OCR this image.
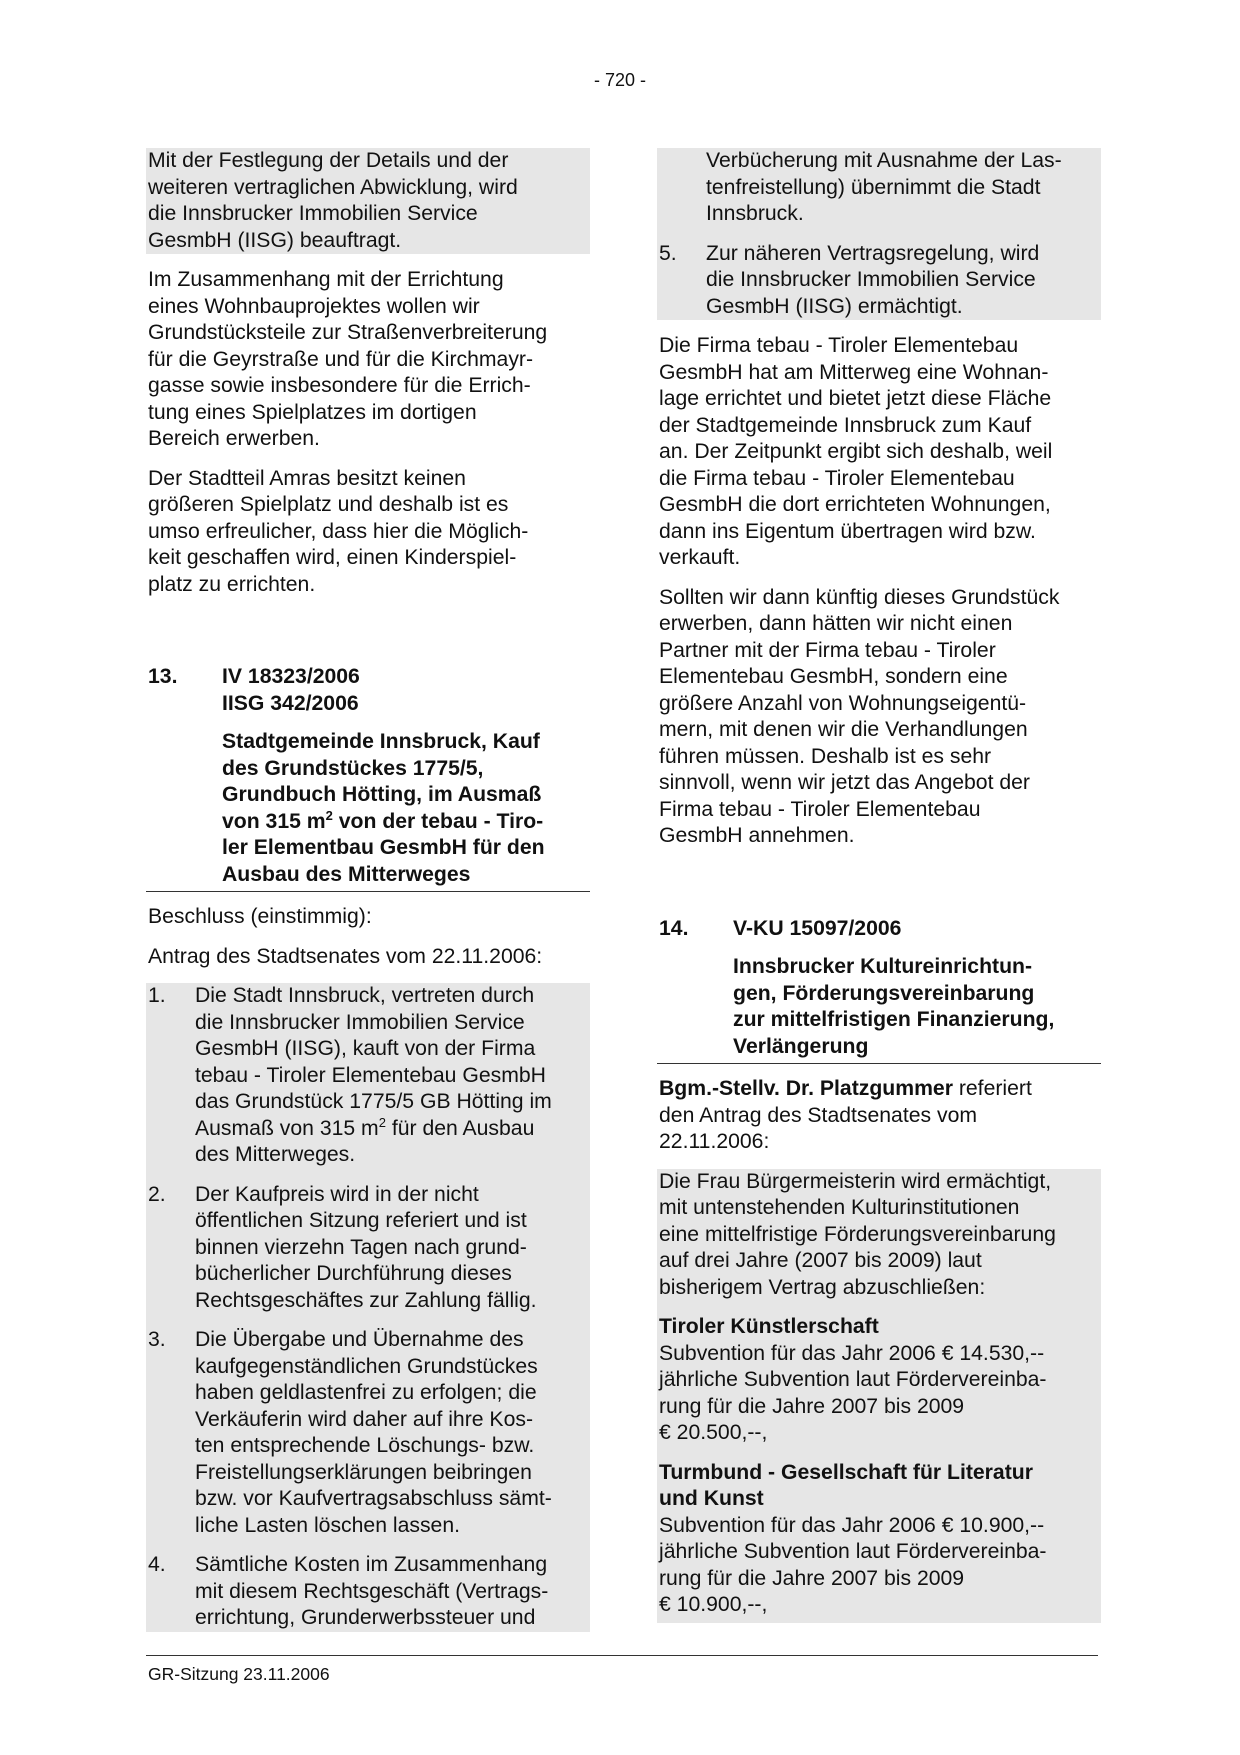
- 720 -
Mit der Festlegung der Details und der
weiteren vertraglichen Abwicklung, wird
die Innsbrucker Immobilien Service
GesmbH (IISG) beauftragt.
Im Zusammenhang mit der Errichtung
eines Wohnbauprojektes wollen wir
Grundstücksteile zur Straßenverbreiterung
für die Geyrstraße und für die Kirchmayr-
gasse sowie insbesondere für die Errich-
tung eines Spielplatzes im dortigen
Bereich erwerben.
Der Stadtteil Amras besitzt keinen
größeren Spielplatz und deshalb ist es
umso erfreulicher, dass hier die Möglich-
keit geschaffen wird, einen Kinderspiel-
platz zu errichten.
13.	IV 18323/2006
IISG 342/2006
Stadtgemeinde Innsbruck, Kauf
des Grundstückes 1775/5,
Grundbuch Hötting, im Ausmaß
von 315 $m^2$ von der tebau - Tiro-
ler Elementbau GesmbH für den
Ausbau des Mitterweges
Beschluss (einstimmig):
Antrag des Stadtsenates vom 22.11.2006:
1.	Die Stadt Innsbruck, vertreten durch
die Innsbrucker Immobilien Service
GesmbH (IISG), kauft von der Firma
tebau - Tiroler Elementebau GesmbH
das Grundstück 1775/5 GB Hötting im
Ausmaß von 315 $m^2$ für den Ausbau
des Mitterweges.
2.	Der Kaufpreis wird in der nicht
öffentlichen Sitzung referiert und ist
binnen vierzehn Tagen nach grund-
bücherlicher Durchführung dieses
Rechtsgeschäftes zur Zahlung fällig.
3.	Die Übergabe und Übernahme des
kaufgegenständlichen Grundstückes
haben geldlastenfrei zu erfolgen; die
Verkäuferin wird daher auf ihre Kos-
ten entsprechende Löschungs- bzw.
Freistellungserklärungen beibringen
bzw. vor Kaufvertragsabschluss sämt-
liche Lasten löschen lassen.
4.	Sämtliche Kosten im Zusammenhang
mit diesem Rechtsgeschäft (Vertrags-
errichtung, Grunderwerbssteuer und
Verbücherung mit Ausnahme der Las-
tenfreistellung) übernimmt die Stadt
Innsbruck.
5.	Zur näheren Vertragsregelung, wird
die Innsbrucker Immobilien Service
GesmbH (IISG) ermächtigt.
Die Firma tebau - Tiroler Elementebau
GesmbH hat am Mitterweg eine Wohnan-
lage errichtet und bietet jetzt diese Fläche
der Stadtgemeinde Innsbruck zum Kauf
an. Der Zeitpunkt ergibt sich deshalb, weil
die Firma tebau - Tiroler Elementebau
GesmbH die dort errichteten Wohnungen,
dann ins Eigentum übertragen wird bzw.
verkauft.
Sollten wir dann künftig dieses Grundstück
erwerben, dann hätten wir nicht einen
Partner mit der Firma tebau - Tiroler
Elementebau GesmbH, sondern eine
größere Anzahl von Wohnungseigentü-
mern, mit denen wir die Verhandlungen
führen müssen. Deshalb ist es sehr
sinnvoll, wenn wir jetzt das Angebot der
Firma tebau - Tiroler Elementebau
GesmbH annehmen.
14.	V-KU 15097/2006
Innsbrucker Kultureinrichtun-
gen, Förderungsvereinbarung
zur mittelfristigen Finanzierung,
Verlängerung
Bgm.-Stellv. Dr. Platzgummer referiert
den Antrag des Stadtsenates vom
22.11.2006:
Die Frau Bürgermeisterin wird ermächtigt,
mit untenstehenden Kulturinstitutionen
eine mittelfristige Förderungsvereinbarung
auf drei Jahre (2007 bis 2009) laut
bisherigem Vertrag abzuschließen:
Tiroler Künstlerschaft
Subvention für das Jahr 2006 € 14.530,--
jährliche Subvention laut Fördervereinba-
rung für die Jahre 2007 bis 2009
€ 20.500,--,
Turmbund - Gesellschaft für Literatur
und Kunst
Subvention für das Jahr 2006 € 10.900,--
jährliche Subvention laut Fördervereinba-
rung für die Jahre 2007 bis 2009
€ 10.900,--,
GR-Sitzung 23.11.2006
